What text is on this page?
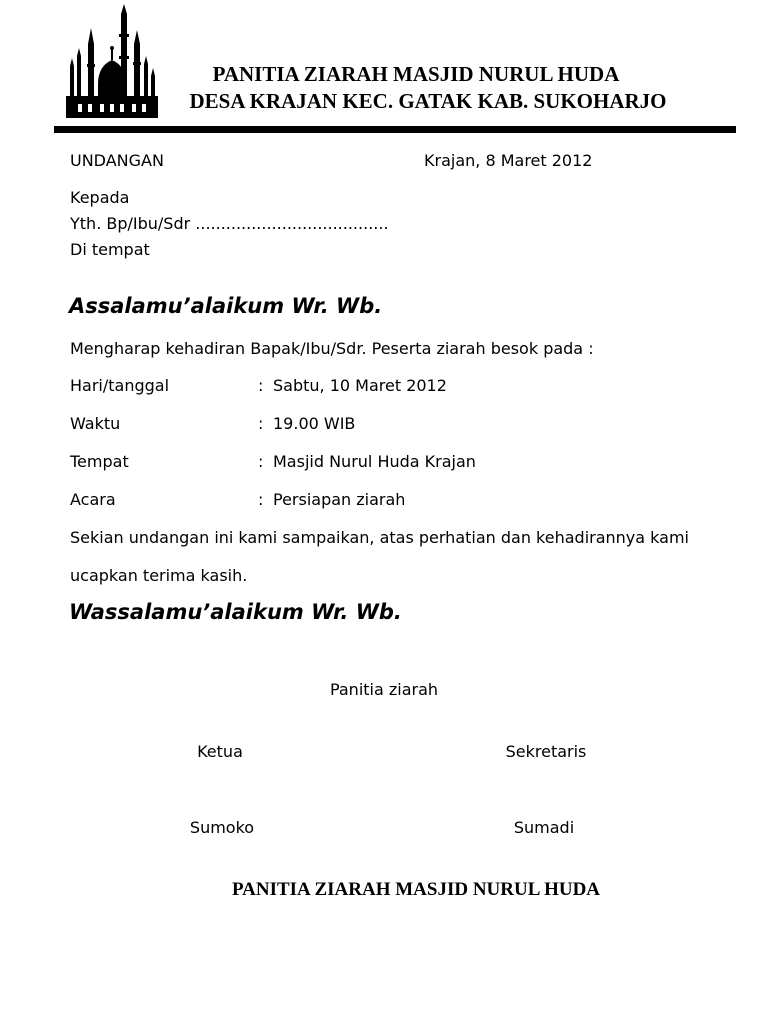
PANITIA ZIARAH MASJID NURUL HUDA
DESA KRAJAN KEC. GATAK KAB. SUKOHARJO
UNDANGAN	Krajan, 8 Maret 2012
Kepada
Yth. Bp/Ibu/Sdr ......................................
Di tempat
Assalamu’alaikum Wr. Wb.
Mengharap kehadiran Bapak/Ibu/Sdr. Peserta ziarah besok pada :
Hari/tanggal	: Sabtu, 10 Maret 2012
Waktu	: 19.00 WIB
Tempat	: Masjid Nurul Huda Krajan
Acara	: Persiapan ziarah
Sekian undangan ini kami sampaikan, atas perhatian dan kehadirannya kami
ucapkan terima kasih.
Wassalamu’alaikum Wr. Wb.
Panitia ziarah
Ketua	Sekretaris
Sumoko	Sumadi
PANITIA ZIARAH MASJID NURUL HUDA
